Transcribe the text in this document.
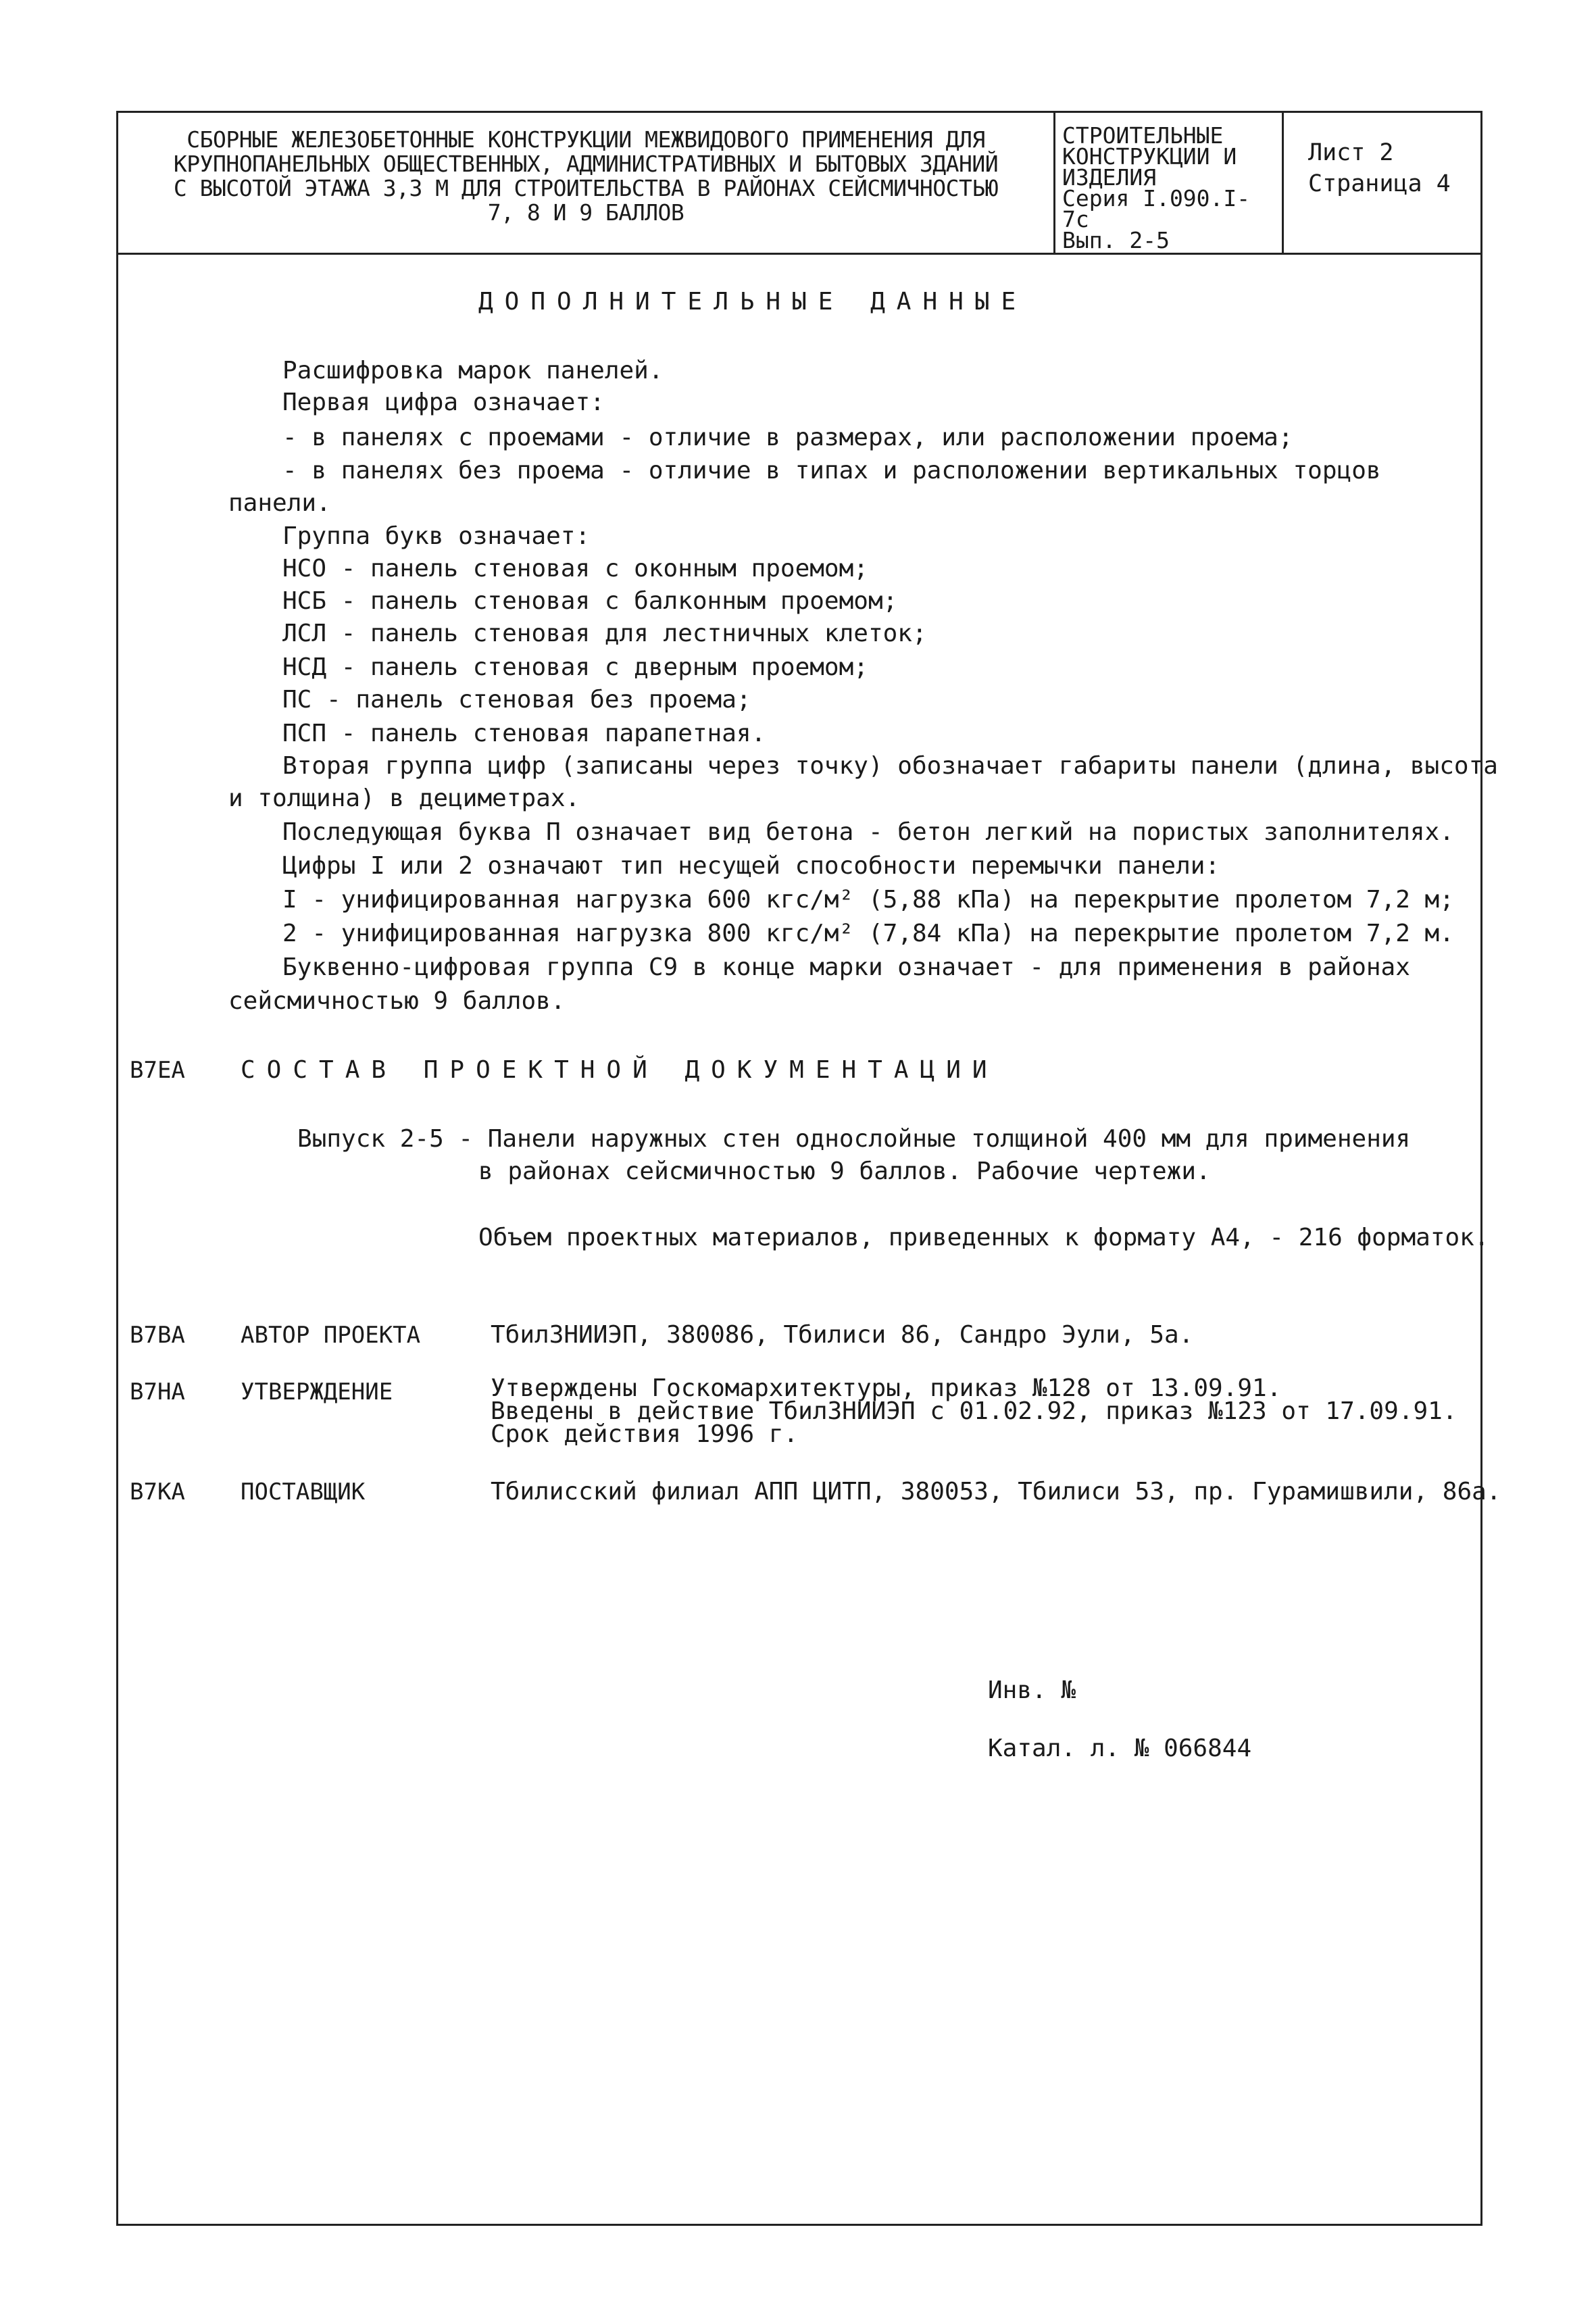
СБОРНЫЕ ЖЕЛЕЗОБЕТОННЫЕ КОНСТРУКЦИИ МЕЖВИДОВОГО ПРИМЕНЕНИЯ ДЛЯ
КРУПНОПАНЕЛЬНЫХ ОБЩЕСТВЕННЫХ, АДМИНИСТРАТИВНЫХ И БЫТОВЫХ ЗДАНИЙ
С ВЫСОТОЙ ЭТАЖА 3,3 М ДЛЯ СТРОИТЕЛЬСТВА В РАЙОНАХ СЕЙСМИЧНОСТЬЮ
7, 8 И 9 БАЛЛОВ
СТРОИТЕЛЬНЫЕ
КОНСТРУКЦИИ И
ИЗДЕЛИЯ
Серия I.090.I-7с
Вып. 2-5
Лист 2
Страница 4
ДОПОЛНИТЕЛЬНЫЕ ДАННЫЕ
Расшифровка марок панелей.
Первая цифра означает:
- в панелях с проемами - отличие в размерах, или расположении проема;
- в панелях без проема - отличие в типах и расположении вертикальных торцов
панели.
Группа букв означает:
НСО - панель стеновая с оконным проемом;
НСБ - панель стеновая с балконным проемом;
ЛСЛ - панель стеновая для лестничных клеток;
НСД - панель стеновая с дверным проемом;
ПС - панель стеновая без проема;
ПСП - панель стеновая парапетная.
Вторая группа цифр (записаны через точку) обозначает габариты панели (длина, высота
и толщина) в дециметрах.
Последующая буква П означает вид бетона - бетон легкий на пористых заполнителях.
Цифры I или 2 означают тип несущей способности перемычки панели:
I - унифицированная нагрузка 600 кгс/м² (5,88 кПа) на перекрытие пролетом 7,2 м;
2 - унифицированная нагрузка 800 кгс/м² (7,84 кПа) на перекрытие пролетом 7,2 м.
Буквенно-цифровая группа С9 в конце марки означает - для применения в районах
сейсмичностью 9 баллов.
B7EA СОСТАВ ПРОЕКТНОЙ ДОКУМЕНТАЦИИ
Выпуск 2-5 - Панели наружных стен однослойные толщиной 400 мм для применения
в районах сейсмичностью 9 баллов. Рабочие чертежи.
Объем проектных материалов, приведенных к формату А4, - 216 форматок.
B7BA АВТОР ПРОЕКТА	ТбилЗНИИЭП, 380086, Тбилиси 86, Сандро Эули, 5а.
B7HA УТВЕРЖДЕНИЕ	Утверждены Госкомархитектуры, приказ №128 от 13.09.91.
Введены в действие ТбилЗНИИЭП с 01.02.92, приказ №123 от 17.09.91.
Срок действия 1996 г.
B7KA ПОСТАВЩИК	Тбилисский филиал АПП ЦИТП, 380053, Тбилиси 53, пр. Гурамишвили, 86а.
Инв. №
Катал. л. № 066844
